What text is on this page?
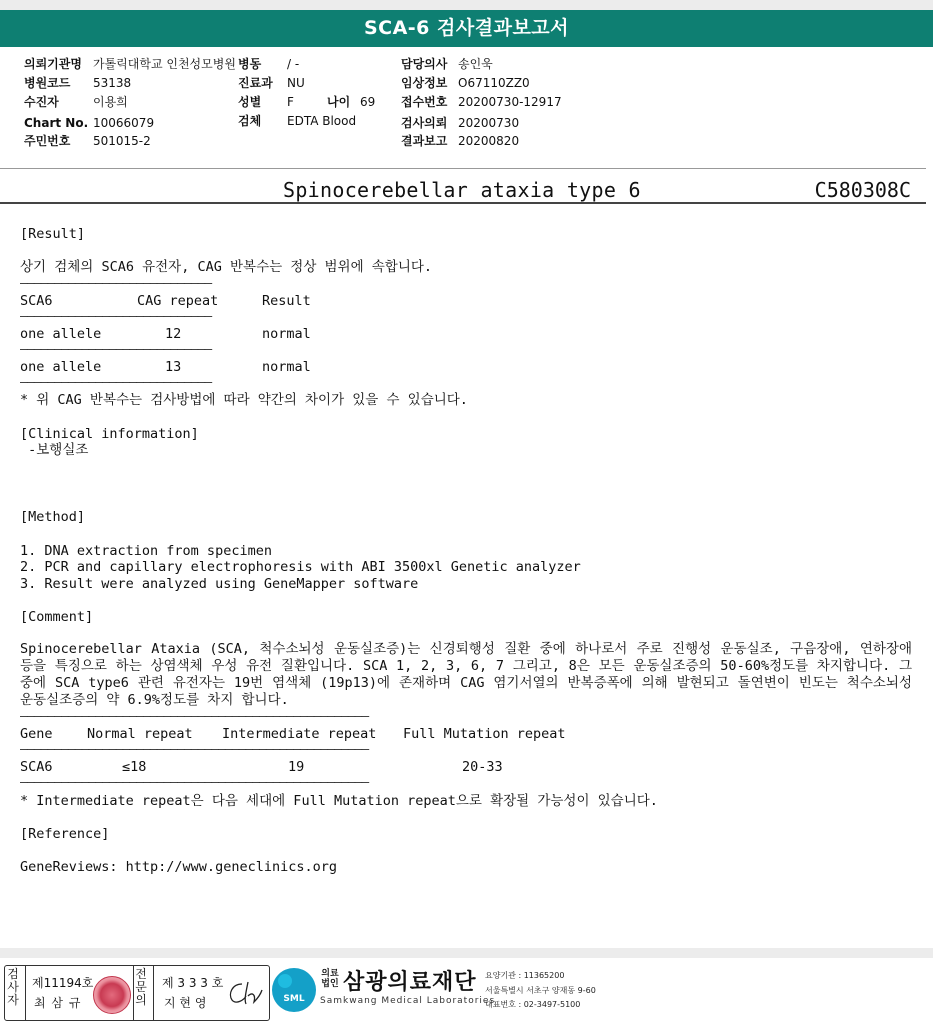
SCA-6 검사결과보고서
의뢰기관명 가톨릭대학교 인천성모병원 병동 / -	담당의사 송인욱
병원코드 53138	진료과 NU	임상정보 O67110ZZ0
수진자	이용희	성별 F	나이 69 접수번호 20200730-12917
Chart No. 10066079	검체 EDTA Blood	검사의뢰 20200730
주민번호 501015-2	결과보고 20200820
Spinocerebellar ataxia type 6	C580308C
[Result]
상기 검체의 SCA6 유전자, CAG 반복수는 정상 범위에 속합니다.
————————————————————————————
SCA6	CAG repeat	Result
————————————————————————————
one allele	12	normal
————————————————————————————
one allele	13	normal
————————————————————————————
* 위 CAG 반복수는 검사방법에 따라 약간의 차이가 있을 수 있습니다.
[Clinical information]
-보행실조
[Method]
1. DNA extraction from specimen
2. PCR and capillary electrophoresis with ABI 3500xl Genetic analyzer
3. Result were analyzed using GeneMapper software
[Comment]
Spinocerebellar Ataxia (SCA, 척수소뇌성 운동실조증)는 신경퇴행성 질환 중에 하나로서 주로 진행성 운동실조, 구음장애, 연하장애 등을 특징으로 하는 상염색체 우성 유전 질환입니다. SCA 1, 2, 3, 6, 7 그리고, 8은 모든 운동실조증의 50-60%정도를 차지합니다. 그중에 SCA type6 관련 유전자는 19번 염색체 (19p13)에 존재하며 CAG 염기서열의 반복증폭에 의해 발현되고 돌연변이 빈도는 척수소뇌성 운동실조증의 약 6.9%정도를 차지 합니다.
———————————————————————————————————————————————————
Gene	Normal repeat Intermediate repeat Full Mutation repeat
———————————————————————————————————————————————————
SCA6	≤18	19	20-33
———————————————————————————————————————————————————
* Intermediate repeat은 다음 세대에 Full Mutation repeat으로 확장될 가능성이 있습니다.
[Reference]
GeneReviews: http://www.geneclinics.org
검사자
제11194호
최 삼 규
전문의
제 3 3 3 호
지 현 영	SML
의료
법인 삼광의료재단
Samkwang Medical Laboratories
요양기관 : 11365200
서울특별시 서초구 양재동 9-60
대표번호 : 02-3497-5100
